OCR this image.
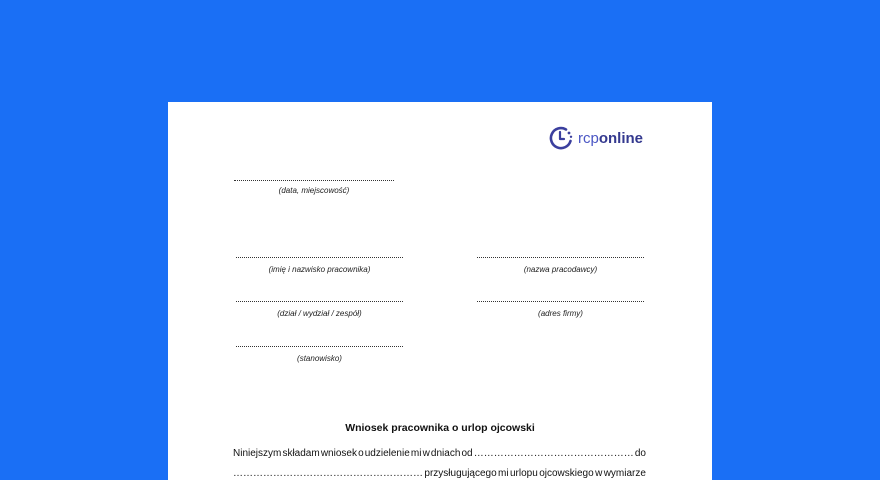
rcponline
(data, miejscowość)
(imię i nazwisko pracownika)	(nazwa pracodawcy)
(dział / wydział / zespół)	(adres firmy)
(stanowisko)
Wniosek pracownika o urlop ojcowski
Niniejszym składam wniosek o udzielenie mi w dniach od ………………………………………… do
………………………………………………… przysługującego mi urlopu ojcowskiego w wymiarze
